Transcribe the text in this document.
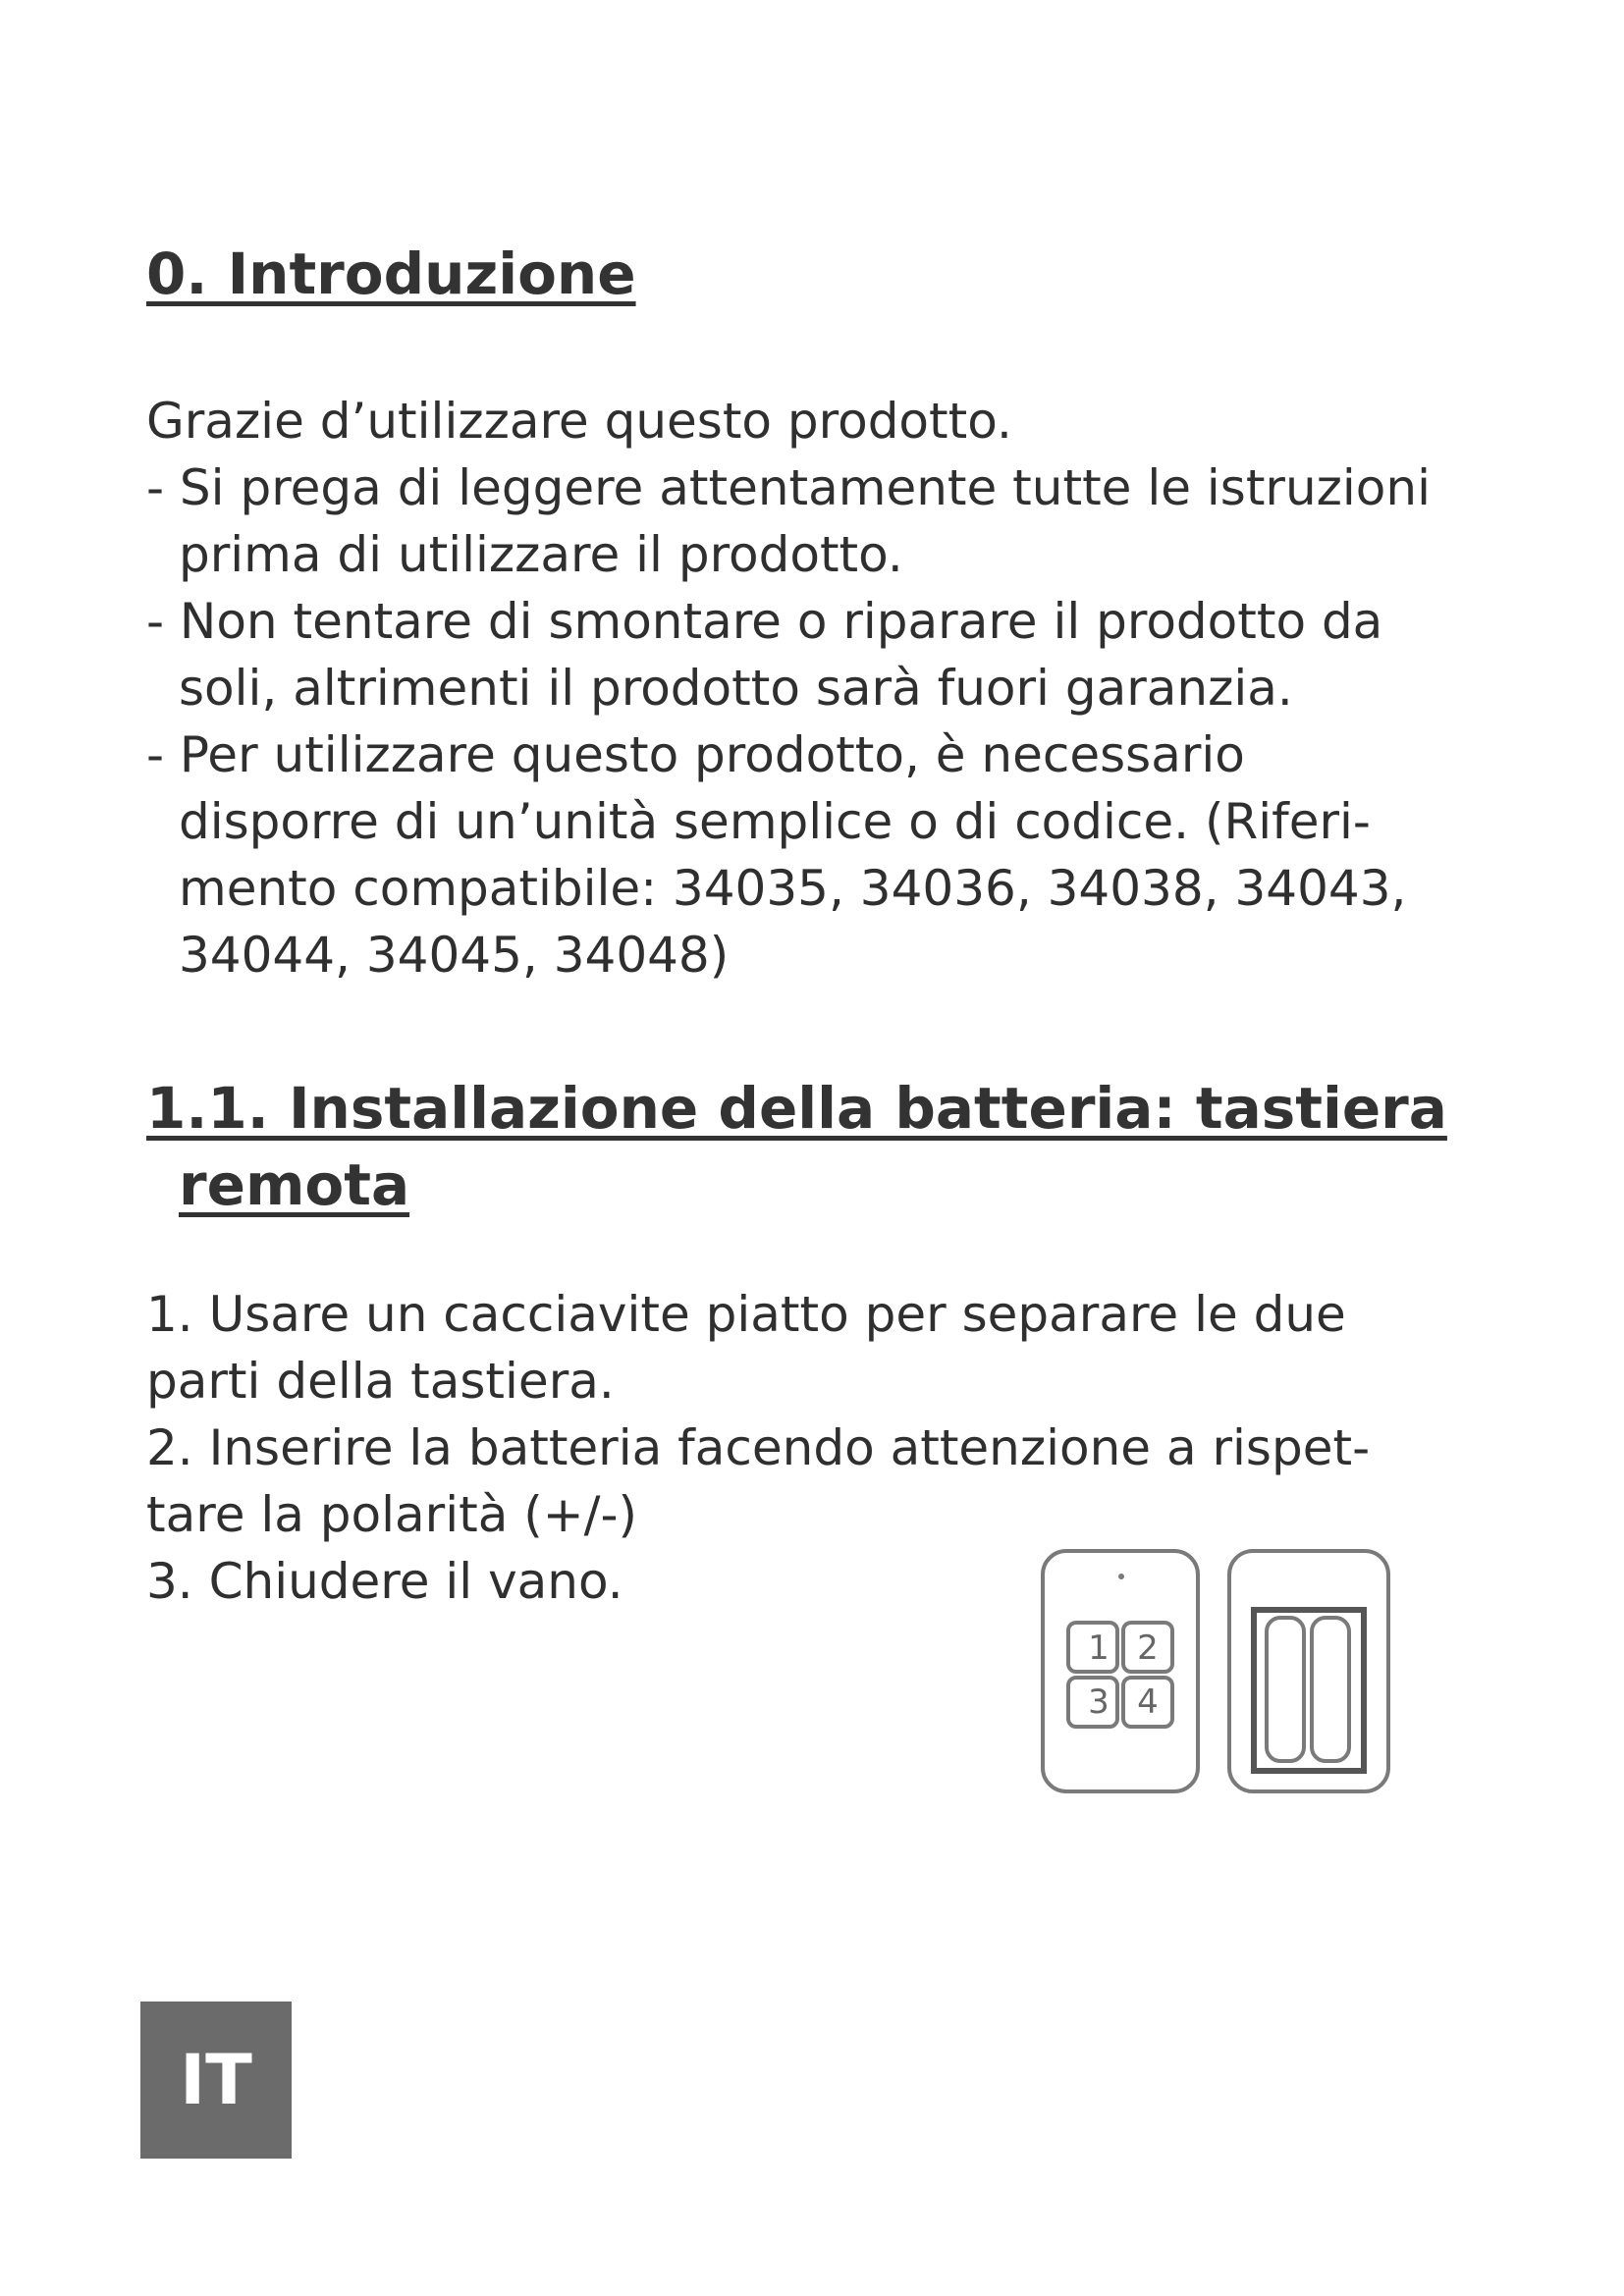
0. Introduzione
Grazie d’utilizzare questo prodotto.
- Si prega di leggere attentamente tutte le istruzioni
prima di utilizzare il prodotto.
- Non tentare di smontare o riparare il prodotto da
soli, altrimenti il prodotto sarà fuori garanzia.
- Per utilizzare questo prodotto, è necessario
disporre di un’unità semplice o di codice. (Riferi-
mento compatibile: 34035, 34036, 34038, 34043,
34044, 34045, 34048)
1.1. Installazione della batteria: tastiera
remota
1. Usare un cacciavite piatto per separare le due
parti della tastiera.
2. Inserire la batteria facendo attenzione a rispet-
tare la polarità (+/-)
3. Chiudere il vano.
1 2
3 4
IT
